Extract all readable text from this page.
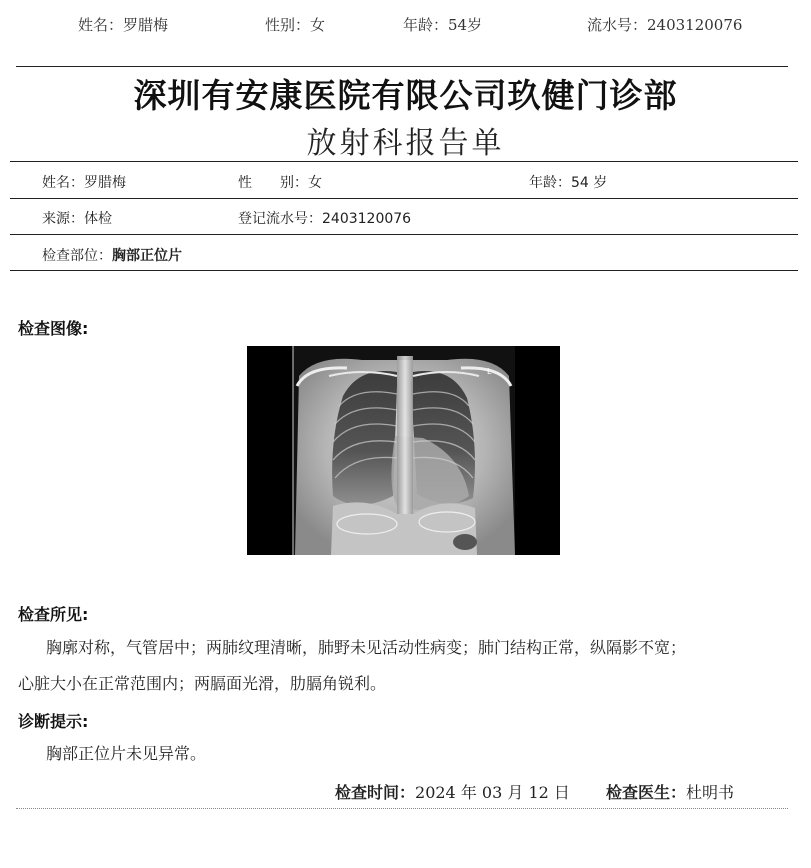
姓名：罗腊梅	性别：女	年龄：54岁	流水号：2403120076
深圳有安康医院有限公司玖健门诊部
放射科报告单
姓名：罗腊梅	性　　别：女	年龄：54 岁
来源：体检	登记流水号：2403120076
检查部位：胸部正位片
检查图像:
L
检查所见:
胸廓对称，气管居中；两肺纹理清晰，肺野未见活动性病变；肺门结构正常，纵隔影不宽；
心脏大小在正常范围内；两膈面光滑，肋膈角锐利。
诊断提示:
胸部正位片未见异常。
检查时间：2024 年 03 月 12 日 检查医生：杜明书
